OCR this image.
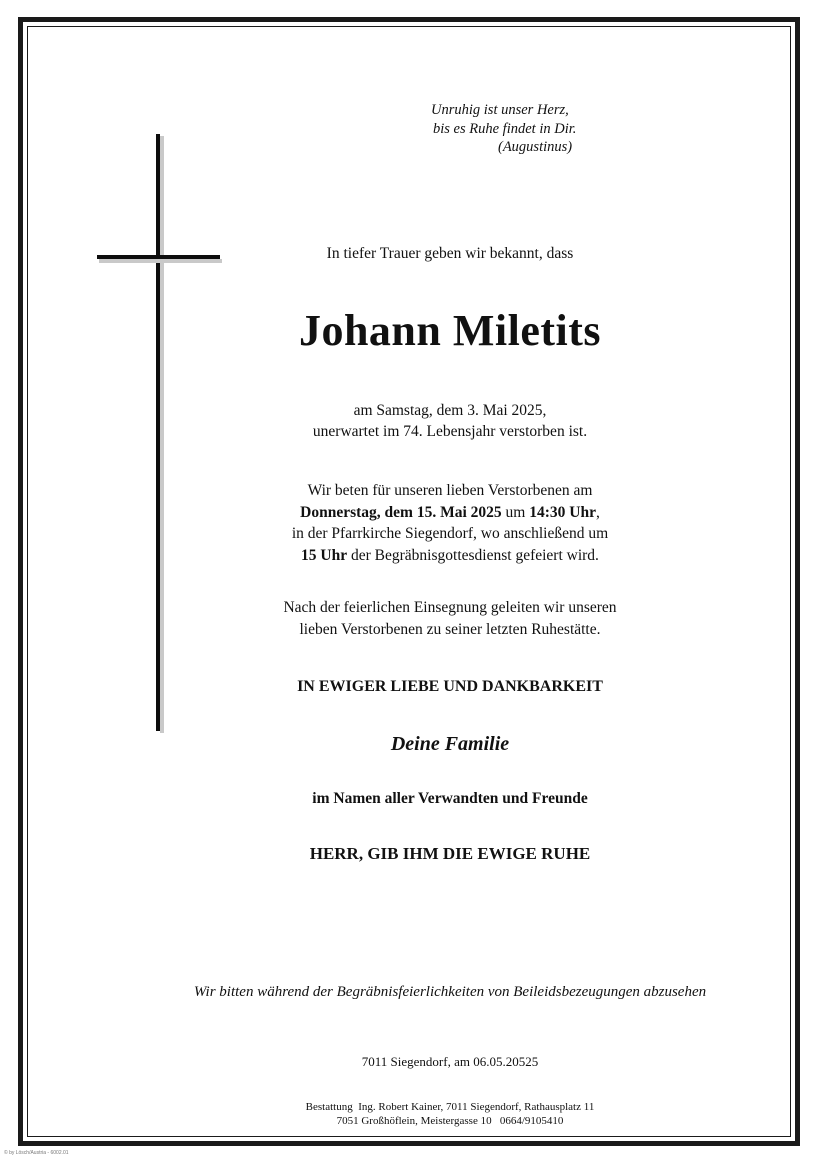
Unruhig ist unser Herz,
bis es Ruhe findet in Dir.
(Augustinus)
In tiefer Trauer geben wir bekannt, dass
Johann Miletits
am Samstag, dem 3. Mai 2025,
unerwartet im 74. Lebensjahr verstorben ist.
Wir beten für unseren lieben Verstorbenen am
Donnerstag, dem 15. Mai 2025 um 14:30 Uhr,
in der Pfarrkirche Siegendorf, wo anschließend um
15 Uhr der Begräbnisgottesdienst gefeiert wird.
Nach der feierlichen Einsegnung geleiten wir unseren
lieben Verstorbenen zu seiner letzten Ruhestätte.
IN EWIGER LIEBE UND DANKBARKEIT
Deine Familie
im Namen aller Verwandten und Freunde
HERR, GIB IHM DIE EWIGE RUHE
Wir bitten während der Begräbnisfeierlichkeiten von Beileidsbezeugungen abzusehen
7011 Siegendorf, am 06.05.20525
Bestattung  Ing. Robert Kainer, 7011 Siegendorf, Rathausplatz 11
7051 Großhöflein, Meistergasse 10   0664/9105410
© by Lösch/Austria - 6002.01
